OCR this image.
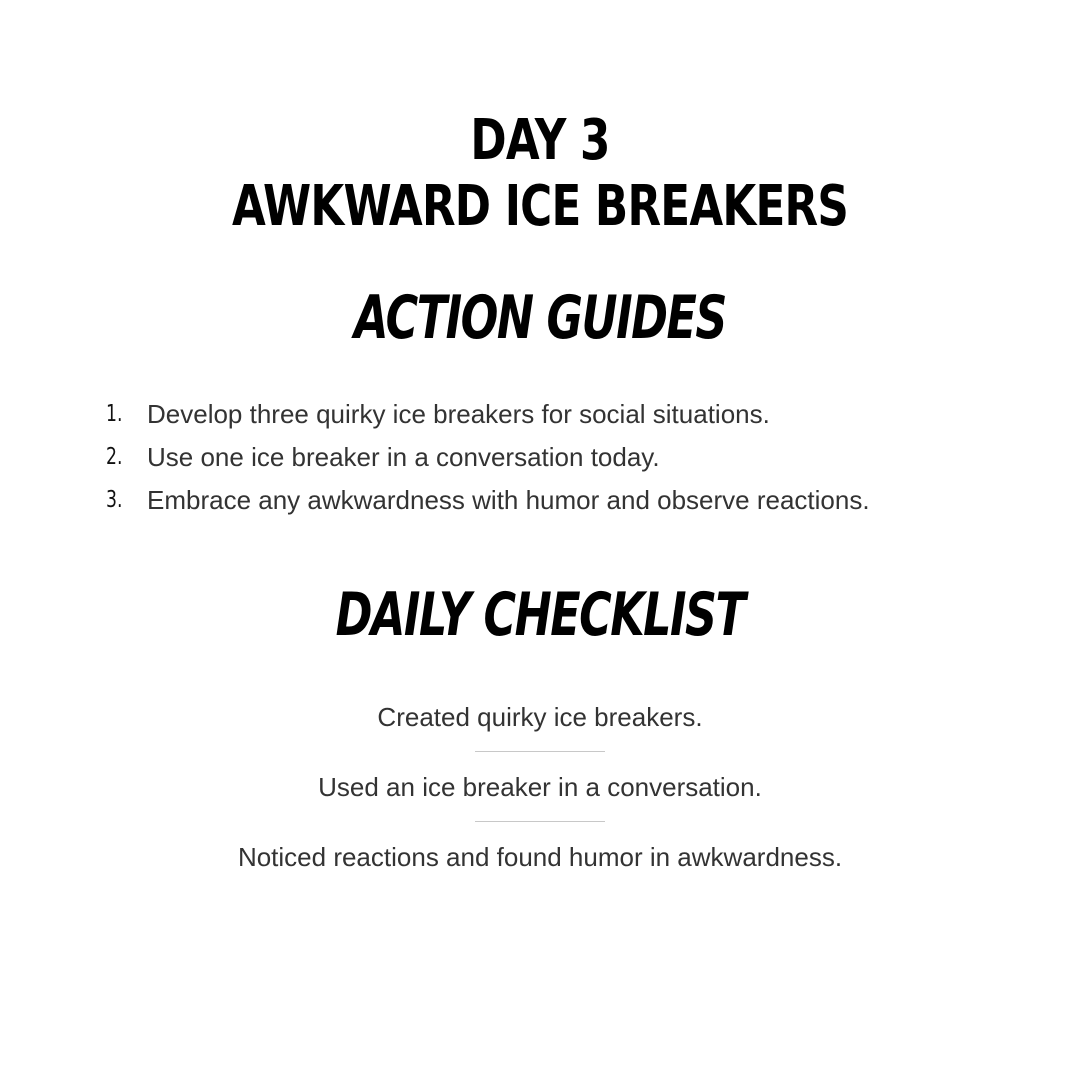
DAY 3
AWKWARD ICE BREAKERS
ACTION GUIDES
1. Develop three quirky ice breakers for social situations.
2. Use one ice breaker in a conversation today.
3. Embrace any awkwardness with humor and observe reactions.
DAILY CHECKLIST
Created quirky ice breakers.
Used an ice breaker in a conversation.
Noticed reactions and found humor in awkwardness.
